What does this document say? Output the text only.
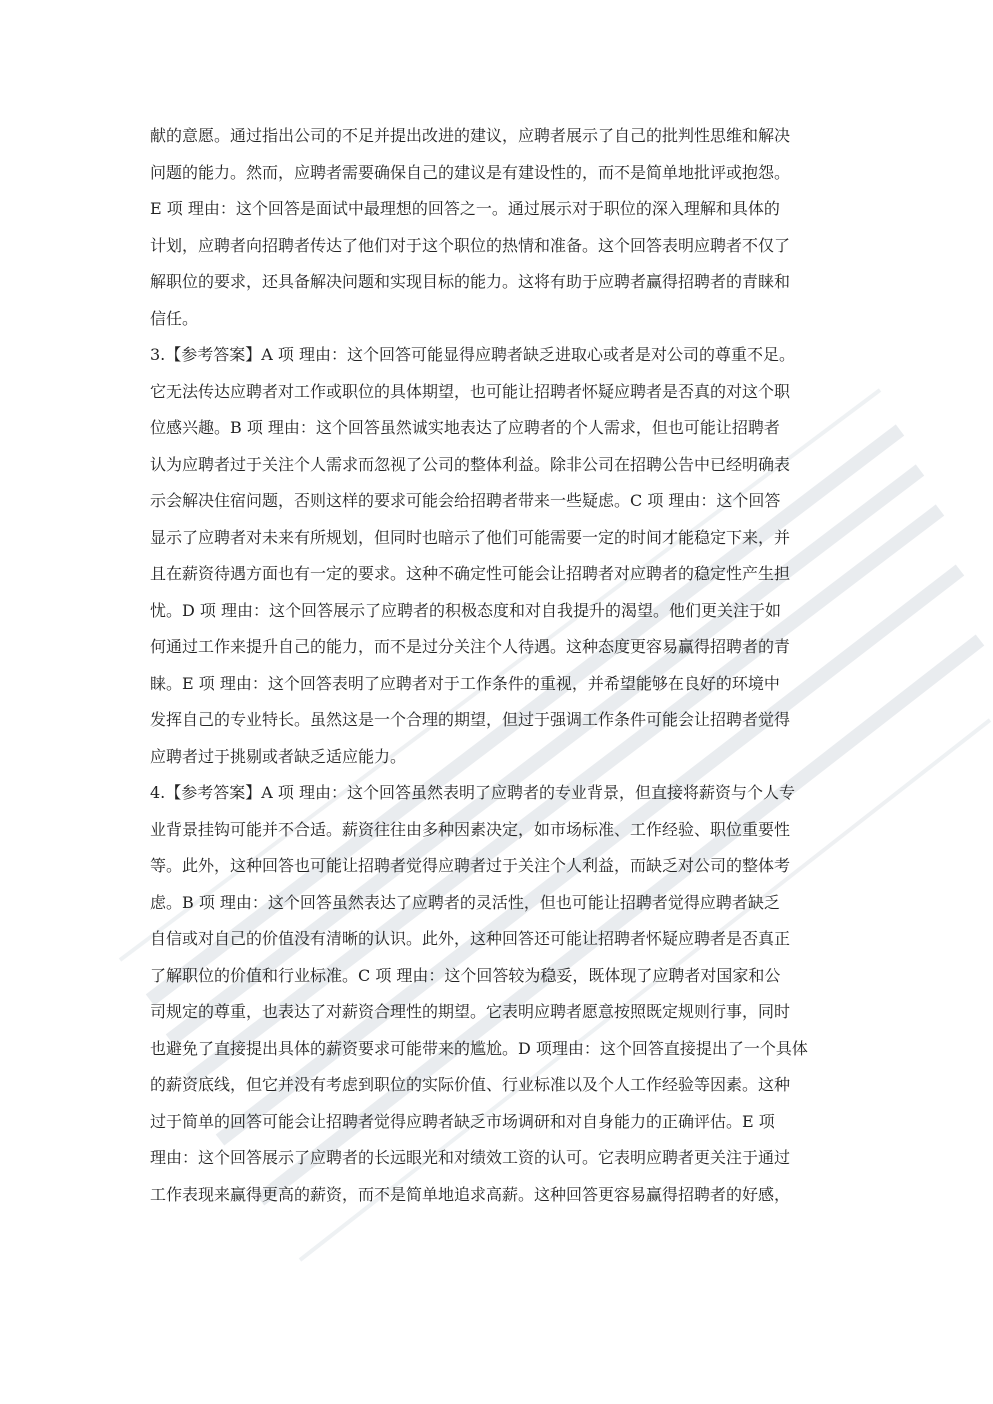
献的意愿。通过指出公司的不足并提出改进的建议，应聘者展示了自己的批判性思维和解决
问题的能力。然而，应聘者需要确保自己的建议是有建设性的，而不是简单地批评或抱怨。
E 项 理由：这个回答是面试中最理想的回答之一。通过展示对于职位的深入理解和具体的
计划，应聘者向招聘者传达了他们对于这个职位的热情和准备。这个回答表明应聘者不仅了
解职位的要求，还具备解决问题和实现目标的能力。这将有助于应聘者赢得招聘者的青睐和
信任。
3.【参考答案】A 项 理由：这个回答可能显得应聘者缺乏进取心或者是对公司的尊重不足。
它无法传达应聘者对工作或职位的具体期望，也可能让招聘者怀疑应聘者是否真的对这个职
位感兴趣。B 项 理由：这个回答虽然诚实地表达了应聘者的个人需求，但也可能让招聘者
认为应聘者过于关注个人需求而忽视了公司的整体利益。除非公司在招聘公告中已经明确表
示会解决住宿问题，否则这样的要求可能会给招聘者带来一些疑虑。C 项 理由：这个回答
显示了应聘者对未来有所规划，但同时也暗示了他们可能需要一定的时间才能稳定下来，并
且在薪资待遇方面也有一定的要求。这种不确定性可能会让招聘者对应聘者的稳定性产生担
忧。D 项 理由：这个回答展示了应聘者的积极态度和对自我提升的渴望。他们更关注于如
何通过工作来提升自己的能力，而不是过分关注个人待遇。这种态度更容易赢得招聘者的青
睐。E 项 理由：这个回答表明了应聘者对于工作条件的重视，并希望能够在良好的环境中
发挥自己的专业特长。虽然这是一个合理的期望，但过于强调工作条件可能会让招聘者觉得
应聘者过于挑剔或者缺乏适应能力。
4.【参考答案】A 项 理由：这个回答虽然表明了应聘者的专业背景，但直接将薪资与个人专
业背景挂钩可能并不合适。薪资往往由多种因素决定，如市场标准、工作经验、职位重要性
等。此外，这种回答也可能让招聘者觉得应聘者过于关注个人利益，而缺乏对公司的整体考
虑。B 项 理由：这个回答虽然表达了应聘者的灵活性，但也可能让招聘者觉得应聘者缺乏
自信或对自己的价值没有清晰的认识。此外，这种回答还可能让招聘者怀疑应聘者是否真正
了解职位的价值和行业标准。C 项 理由：这个回答较为稳妥，既体现了应聘者对国家和公
司规定的尊重，也表达了对薪资合理性的期望。它表明应聘者愿意按照既定规则行事，同时
也避免了直接提出具体的薪资要求可能带来的尴尬。D 项理由：这个回答直接提出了一个具体
的薪资底线，但它并没有考虑到职位的实际价值、行业标准以及个人工作经验等因素。这种
过于简单的回答可能会让招聘者觉得应聘者缺乏市场调研和对自身能力的正确评估。E 项
理由：这个回答展示了应聘者的长远眼光和对绩效工资的认可。它表明应聘者更关注于通过
工作表现来赢得更高的薪资，而不是简单地追求高薪。这种回答更容易赢得招聘者的好感，
